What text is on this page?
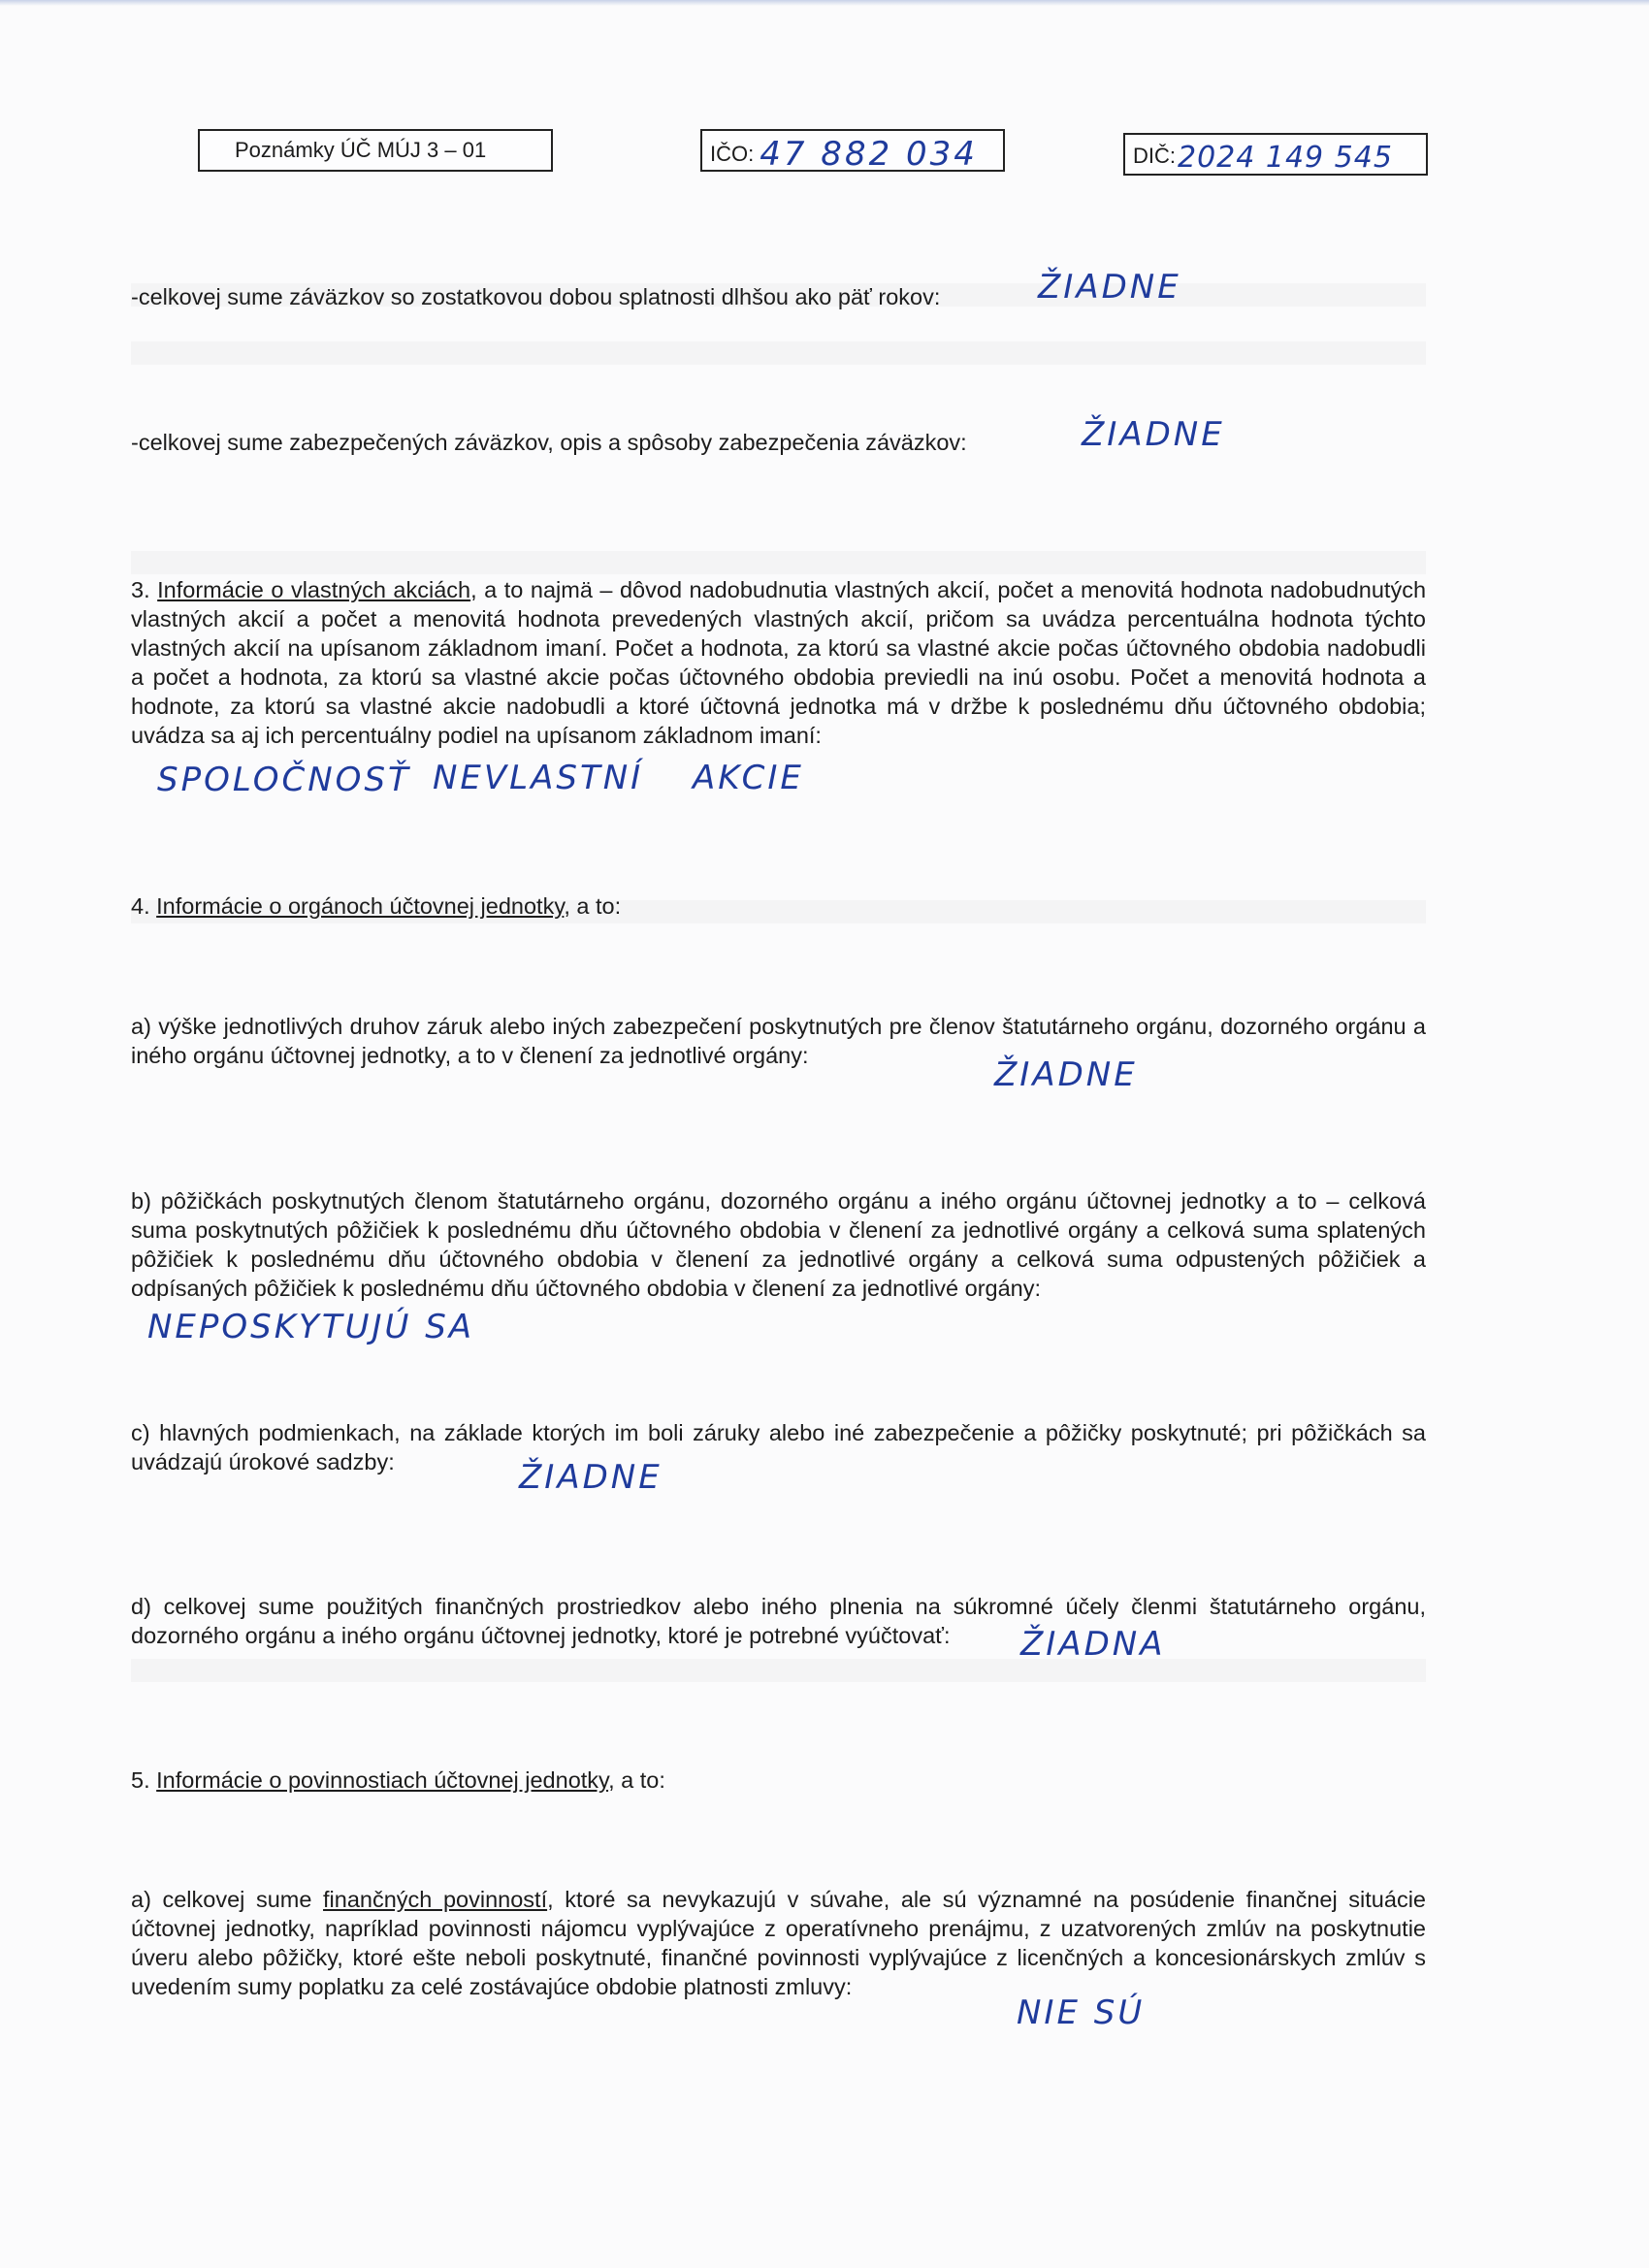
Poznámky ÚČ MÚJ 3 – 01	IČO: 47 882 034	DIČ:2024 149 545
-celkovej sume záväzkov so zostatkovou dobou splatnosti dlhšou ako päť rokov:	ŽIADNE
-celkovej sume zabezpečených záväzkov, opis a spôsoby zabezpečenia záväzkov:	ŽIADNE
3. Informácie o vlastných akciách, a to najmä – dôvod nadobudnutia vlastných akcií, počet a menovitá hodnota nadobudnutých vlastných akcií a počet a menovitá hodnota prevedených vlastných akcií, pričom sa uvádza percentuálna hodnota týchto vlastných akcií na upísanom základnom imaní. Počet a hodnota, za ktorú sa vlastné akcie počas účtovného obdobia nadobudli a počet a hodnota, za ktorú sa vlastné akcie počas účtovného obdobia previedli na inú osobu. Počet a menovitá hodnota a hodnote, za ktorú sa vlastné akcie nadobudli a ktoré účtovná jednotka má v držbe k poslednému dňu účtovného obdobia; uvádza sa aj ich percentuálny podiel na upísanom základnom imaní:
SPOLOČNOSŤ NEVLASTNÍ AKCIE
4. Informácie o orgánoch účtovnej jednotky, a to:
a) výške jednotlivých druhov záruk alebo iných zabezpečení poskytnutých pre členov štatutárneho orgánu, dozorného orgánu a iného orgánu účtovnej jednotky, a to v členení za jednotlivé orgány:	ŽIADNE
b) pôžičkách poskytnutých členom štatutárneho orgánu, dozorného orgánu a iného orgánu účtovnej jednotky a to – celková suma poskytnutých pôžičiek k poslednému dňu účtovného obdobia v členení za jednotlivé orgány a celková suma splatených pôžičiek k poslednému dňu účtovného obdobia v členení za jednotlivé orgány a celková suma odpustených pôžičiek a odpísaných pôžičiek k poslednému dňu účtovného obdobia v členení za jednotlivé orgány:
NEPOSKYTUJÚ SA
c) hlavných podmienkach, na základe ktorých im boli záruky alebo iné zabezpečenie a pôžičky poskytnuté; pri pôžičkách sa uvádzajú úrokové sadzby:	ŽIADNE
d) celkovej sume použitých finančných prostriedkov alebo iného plnenia na súkromné účely členmi štatutárneho orgánu, dozorného orgánu a iného orgánu účtovnej jednotky, ktoré je potrebné vyúčtovať:	ŽIADNA
5. Informácie o povinnostiach účtovnej jednotky, a to:
a) celkovej sume finančných povinností, ktoré sa nevykazujú v súvahe, ale sú významné na posúdenie finančnej situácie účtovnej jednotky, napríklad povinnosti nájomcu vyplývajúce z operatívneho prenájmu, z uzatvorených zmlúv na poskytnutie úveru alebo pôžičky, ktoré ešte neboli poskytnuté, finančné povinnosti vyplývajúce z licenčných a koncesionárskych zmlúv s uvedením sumy poplatku za celé zostávajúce obdobie platnosti zmluvy:
NIE SÚ
